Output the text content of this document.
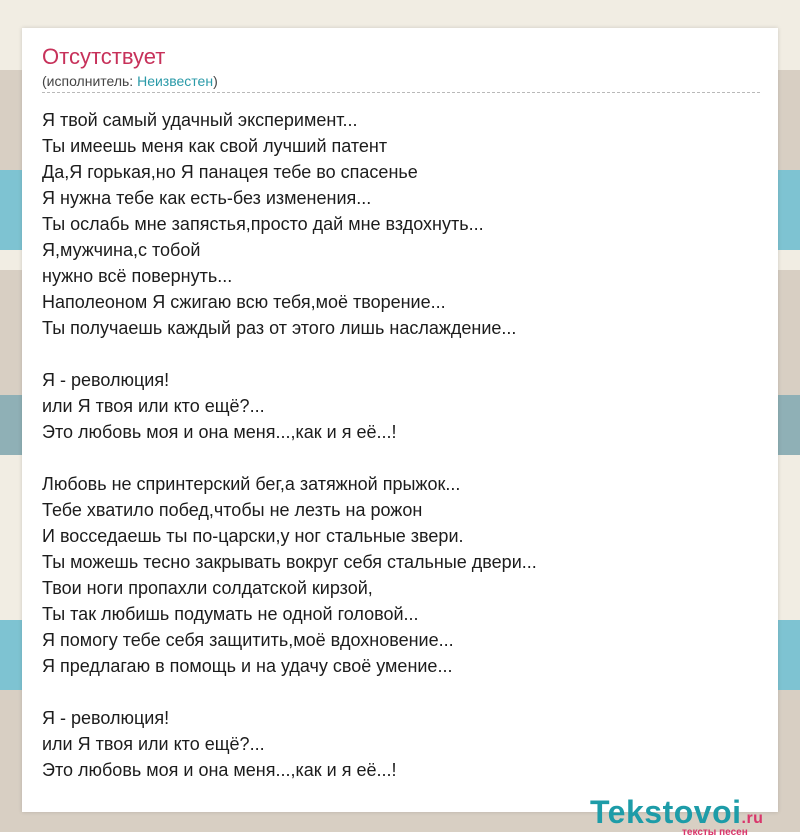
Отсутствует
(исполнитель: Неизвестен)
Я твой самый удачный эксперимент...
Ты имеешь меня как свой лучший патент
Да,Я горькая,но Я панацея тебе во спасенье
Я нужна тебе как есть-без изменения...
Ты ослабь мне запястья,просто дай мне вздохнуть...
Я,мужчина,с тобой
нужно всё повернуть...
Наполеоном Я сжигаю всю тебя,моё творение...
Ты получаешь каждый раз от этого лишь наслаждение...
Я - революция!
или Я твоя или кто ещё?...
Это любовь моя и она меня...,как и я её...!
Любовь не спринтерский бег,а затяжной прыжок...
Тебе хватило побед,чтобы не лезть на рожон
И восседаешь ты по-царски,у ног стальные звери.
Ты можешь тесно закрывать вокруг себя стальные двери...
Твои ноги пропахли солдатской кирзой,
Ты так любишь подумать не одной головой...
Я помогу тебе себя защитить,моё вдохновение...
Я предлагаю в помощь и на удачу своё умение...
Я - революция!
или Я твоя или кто ещё?...
Это любовь моя и она меня...,как и я её...!
Tekstovoi.ru
тексты песен
